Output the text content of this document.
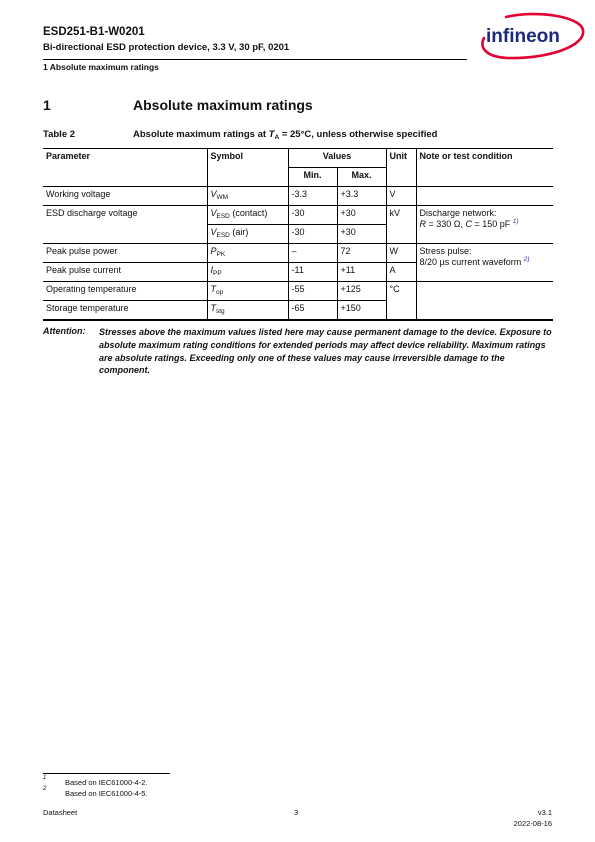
ESD251-B1-W0201
Bi-directional ESD protection device, 3.3 V, 30 pF, 0201
1 Absolute maximum ratings
infineon
1	Absolute maximum ratings
Table 2	Absolute maximum ratings at $T_A = 25^\circ C$, unless otherwise specified
Parameter	Symbol	Values		Unit	Note or test condition
		Min.	Max.		
Working voltage	$V_{WM}$	-3.3	+3.3	V	
ESD discharge voltage	$V_{ESD}$ (contact)	-30	+30	kV	Discharge network:
R = 330 Ω, C = 150 pF $^{1)}$

	$V_{ESD}$ (air)	-30	+30		
Peak pulse power	$P_{PK}$	–	72	W	Stress pulse:
8/20 µs current waveform $^{2)}$

Peak pulse current	$I_{PP}$	-11	+11	A	
Operating temperature	$T_{op}$	-55	+125	°C	
Storage temperature	$T_{stg}$	-65	+150		
Attention: Stresses above the maximum values listed here may cause permanent damage to the device. Exposure to absolute maximum rating conditions for extended periods may affect device reliability. Maximum ratings are absolute ratings. Exceeding only one of these values may cause irreversible damage to the component.
1 Based on IEC61000-4-2.
2 Based on IEC61000-4-5.
Datasheet	3	v3.1
2022-08-16
